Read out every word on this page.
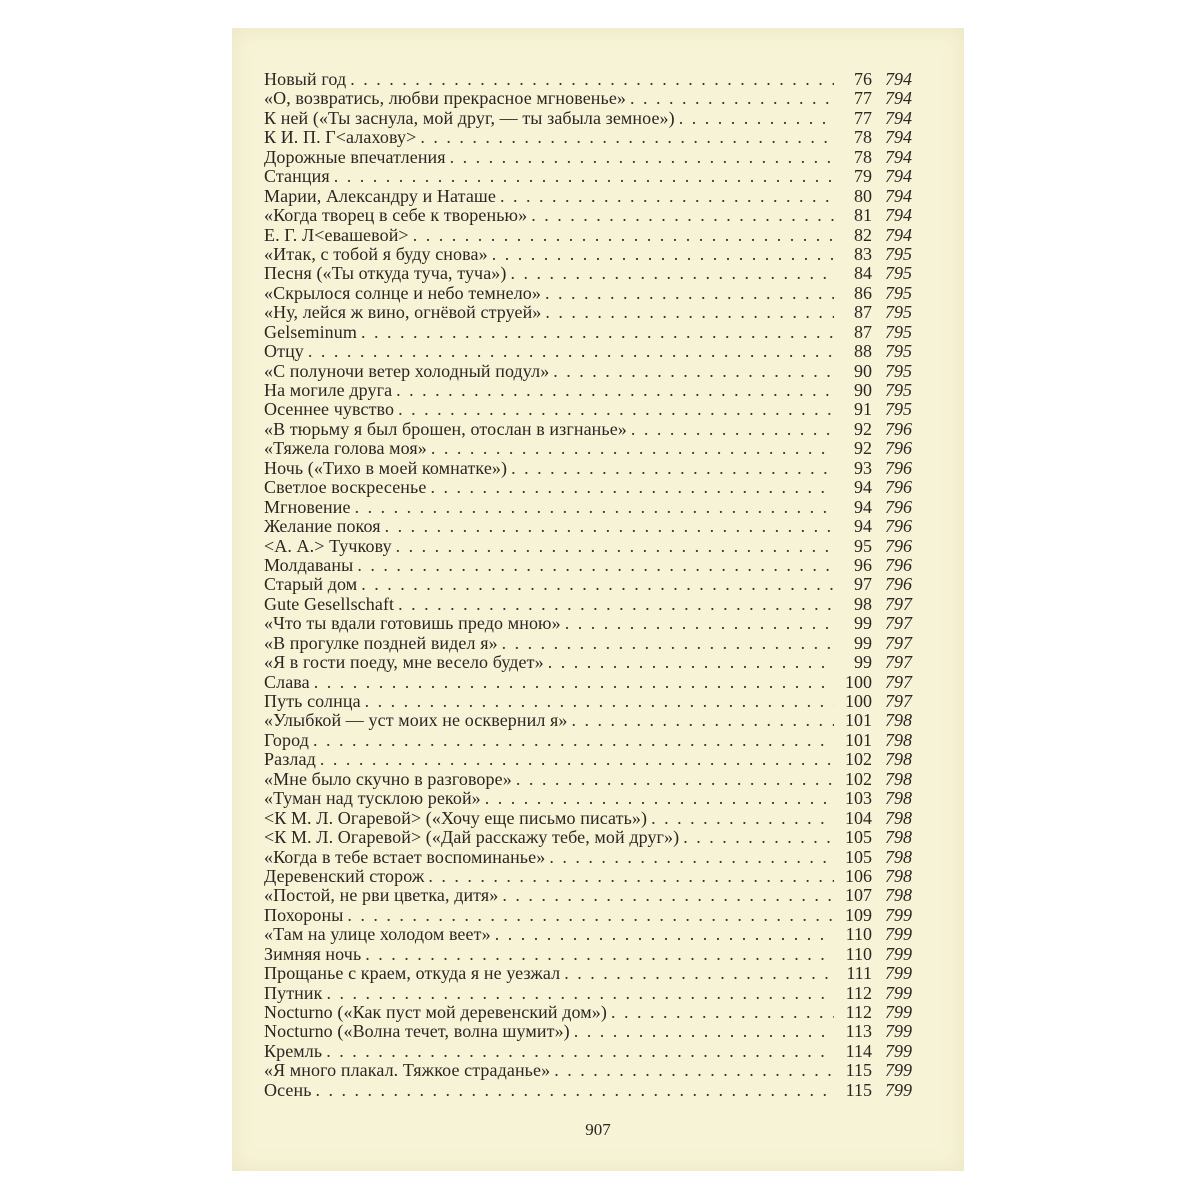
Новый год . . .	76 794
«О, возвратись, любви прекрасное мгновенье» . . .	77 794
К ней («Ты заснула, мой друг, — ты забыла земное») . . .	77 794
К И. П. Г<алахову> . . .	78 794
Дорожные впечатления . . .	78 794
Станция . . .	79 794
Марии, Александру и Наташе . . .	80 794
«Когда творец в себе к творенью» . . .	81 794
Е. Г. Л<евашевой> . . .	82 794
«Итак, с тобой я буду снова» . . .	83 795
Песня («Ты откуда туча, туча») . . .	84 795
«Скрылося солнце и небо темнело» . . .	86 795
«Ну, лейся ж вино, огнёвой струей» . . .	87 795
Gelseminum . . .	87 795
Отцу . . .	88 795
«С полуночи ветер холодный подул» . . .	90 795
На могиле друга . . .	90 795
Осеннее чувство . . .	91 795
«В тюрьму я был брошен, отослан в изгнанье» . . .	92 796
«Тяжела голова моя» . . .	92 796
Ночь («Тихо в моей комнатке») . . .	93 796
Светлое воскресенье . . .	94 796
Мгновение . . .	94 796
Желание покоя . . .	94 796
<А. А.> Тучкову . . .	95 796
Молдаваны . . .	96 796
Старый дом . . .	97 796
Gute Gesellschaft . . .	98 797
«Что ты вдали готовишь предо мною» . . .	99 797
«В прогулке поздней видел я» . . .	99 797
«Я в гости поеду, мне весело будет» . . .	99 797
Слава . . .	100 797
Путь солнца . . .	100 797
«Улыбкой — уст моих не осквернил я» . . .	101 798
Город . . .	101 798
Разлад . . .	102 798
«Мне было скучно в разговоре» . . .	102 798
«Туман над тусклою рекой» . . .	103 798
<К М. Л. Огаревой> («Хочу еще письмо писать») . . .	104 798
<К М. Л. Огаревой> («Дай расскажу тебе, мой друг») . . .	105 798
«Когда в тебе встает воспоминанье» . . .	105 798
Деревенский сторож . . .	106 798
«Постой, не рви цветка, дитя» . . .	107 798
Похороны . . .	109 799
«Там на улице холодом веет» . . .	110 799
Зимняя ночь . . .	110 799
Прощанье с краем, откуда я не уезжал . . .	111 799
Путник . . .	112 799
Nocturno («Как пуст мой деревенский дом») . . .	112 799
Nocturno («Волна течет, волна шумит») . . .	113 799
Кремль . . .	114 799
«Я много плакал. Тяжкое страданье» . . .	115 799
Осень . . .	115 799
907
